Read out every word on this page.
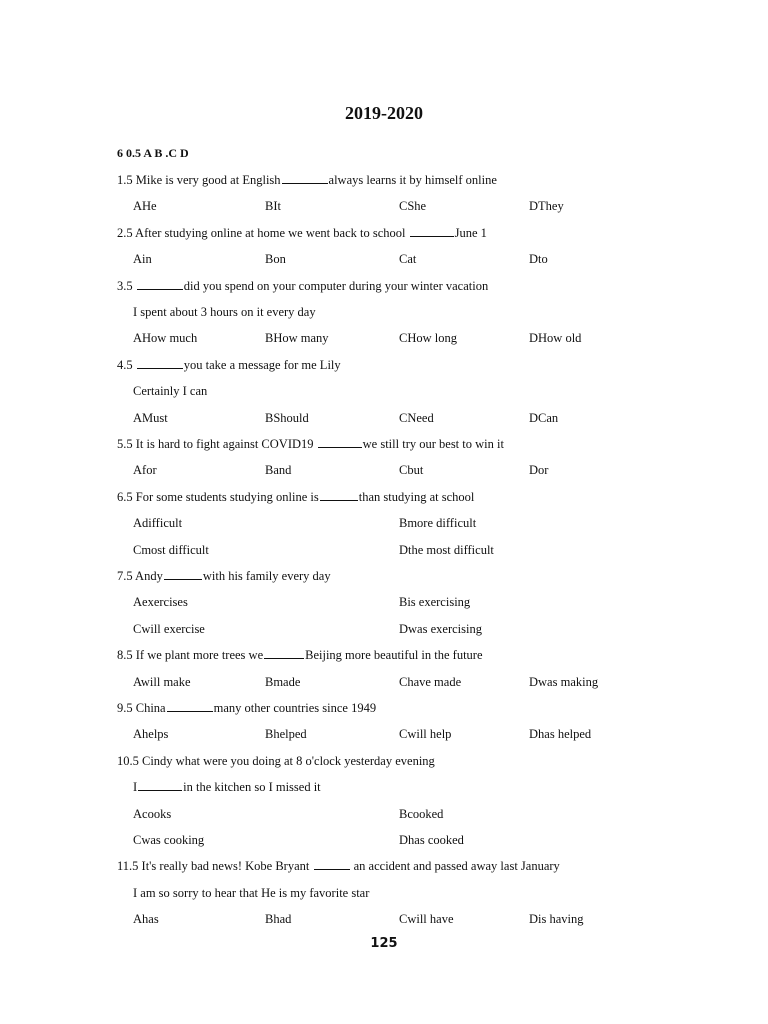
2019-2020
6 0.5 A B .C D
1.5 Mike is very good at English	always learns it by himself online
AHe	BIt	CShe	DThey
2.5 After studying online at home we went back to school	June 1
Ain	Bon	Cat	Dto
3.5	did you spend on your computer during your winter vacation
I spent about 3 hours on it every day
AHow much	BHow many	CHow long	DHow old
4.5	you take a message for me Lily
Certainly I can
AMust	BShould	CNeed	DCan
5.5 It is hard to fight against COVID19	we still try our best to win it
Afor	Band	Cbut	Dor
6.5 For some students studying online is	than studying at school
Adifficult	Bmore difficult
Cmost difficult	Dthe most difficult
7.5 Andy	with his family every day
Aexercises	Bis exercising
Cwill exercise	Dwas exercising
8.5 If we plant more trees we	Beijing more beautiful in the future
Awill make	Bmade	Chave made	Dwas making
9.5 China	many other countries since 1949
Ahelps	Bhelped	Cwill help	Dhas helped
10.5 Cindy what were you doing at 8 o'clock yesterday evening
I	in the kitchen so I missed it
Acooks	Bcooked
Cwas cooking	Dhas cooked
11.5 It's really bad news! Kobe Bryant	an accident and passed away last January
I am so sorry to hear that He is my favorite star
Ahas	Bhad	Cwill have	Dis having
125
